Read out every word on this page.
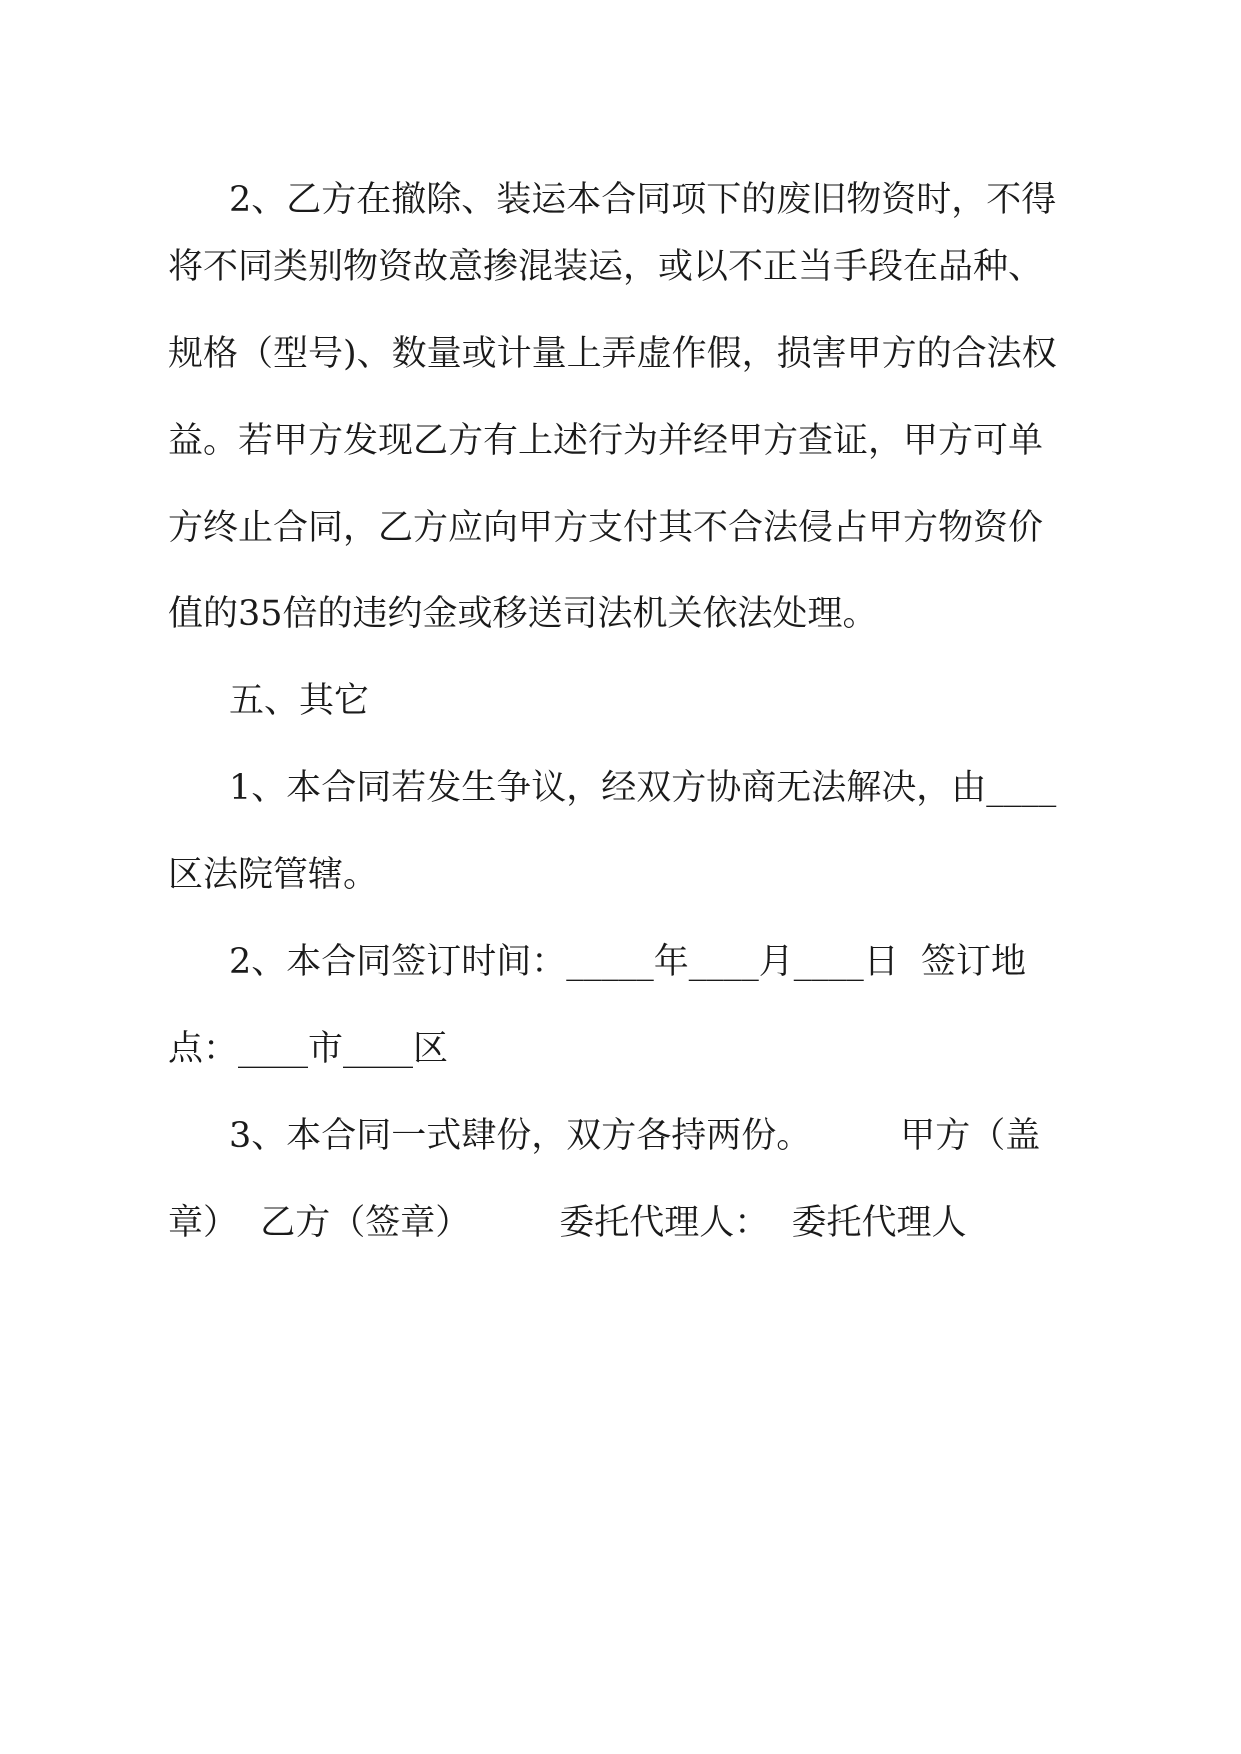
2、乙方在撤除、装运本合同项下的废旧物资时，不得
将不同类别物资故意掺混装运，或以不正当手段在品种、
规格（型号)、数量或计量上弄虚作假，损害甲方的合法权
益。若甲方发现乙方有上述行为并经甲方查证，甲方可单
方终止合同，乙方应向甲方支付其不合法侵占甲方物资价
值的35倍的违约金或移送司法机关依法处理。
五、其它
1、本合同若发生争议，经双方协商无法解决，由____
区法院管辖。
2、本合同签订时间：_____年____月____日  签订地
点：____市____区
3、本合同一式肆份，双方各持两份。        甲方（盖
章）  乙方（签章）        委托代理人：  委托代理人
